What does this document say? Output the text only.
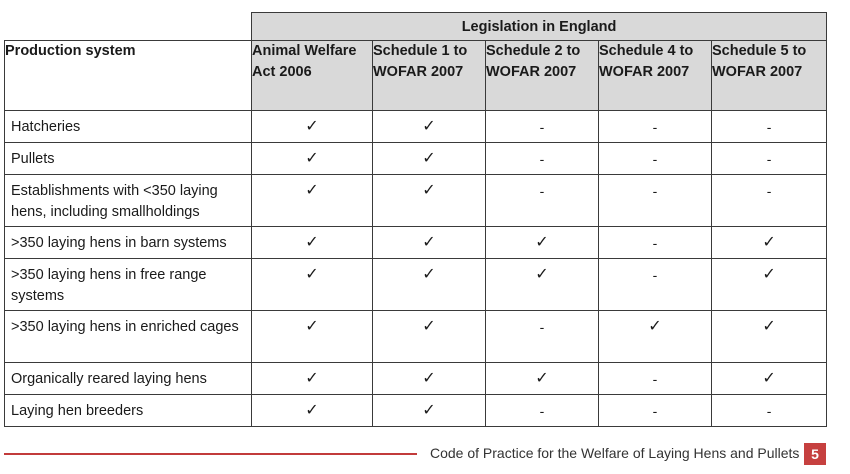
	Legislation in England				
Production system	Animal Welfare Act 2006	Schedule 1 to WOFAR 2007	Schedule 2 to WOFAR 2007	Schedule 4 to WOFAR 2007	Schedule 5 to WOFAR 2007
Hatcheries	✓	✓	-	-	-
Pullets	✓	✓	-	-	-
Establishments with <350 laying hens, including smallholdings	✓	✓	-	-	-
>350 laying hens in barn systems	✓	✓	✓	-	✓
>350 laying hens in free range systems	✓	✓	✓	-	✓
>350 laying hens in enriched cages	✓	✓	-	✓	✓
Organically reared laying hens	✓	✓	✓	-	✓
Laying hen breeders	✓	✓	-	-	-
Code of Practice for the Welfare of Laying Hens and Pullets 5
